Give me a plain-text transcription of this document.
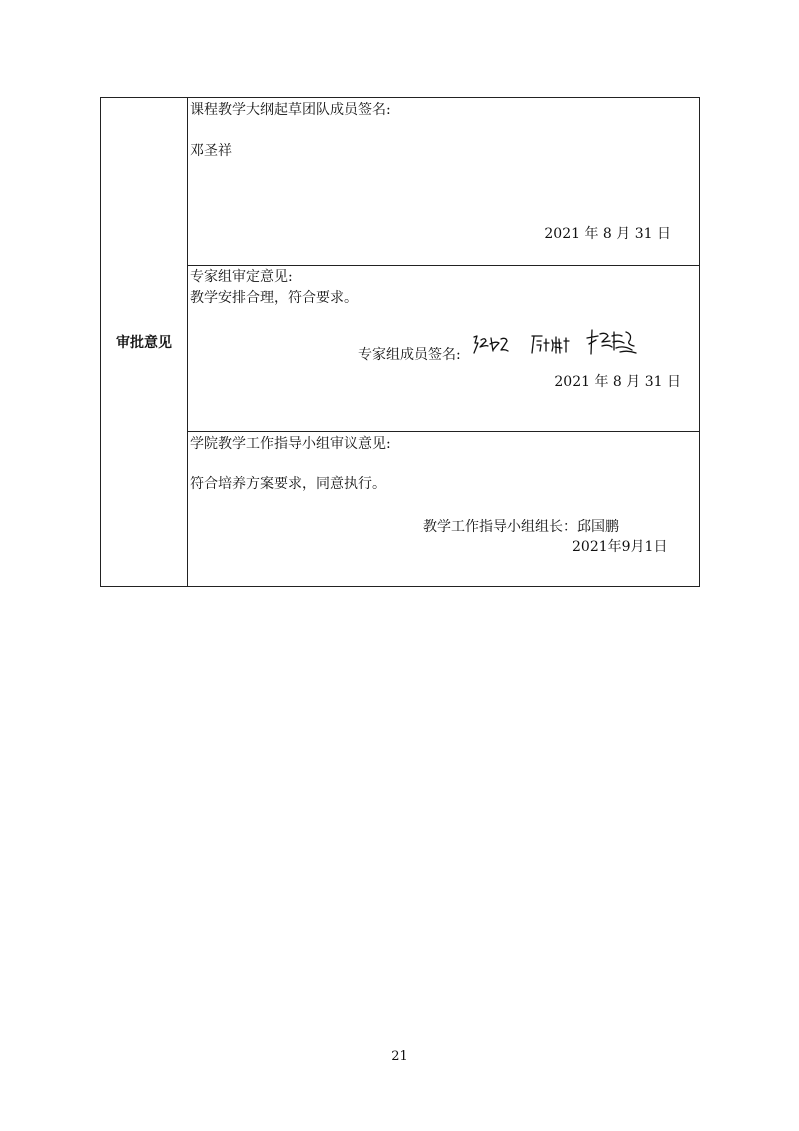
审批意见
课程教学大纲起草团队成员签名:
邓圣祥
2021 年 8 月 31 日
专家组审定意见:
教学安排合理，符合要求。
专家组成员签名:
2021 年 8 月 31 日
学院教学工作指导小组审议意见:
符合培养方案要求，同意执行。
教学工作指导小组组长：邱国鹏
2021年9月1日
21
